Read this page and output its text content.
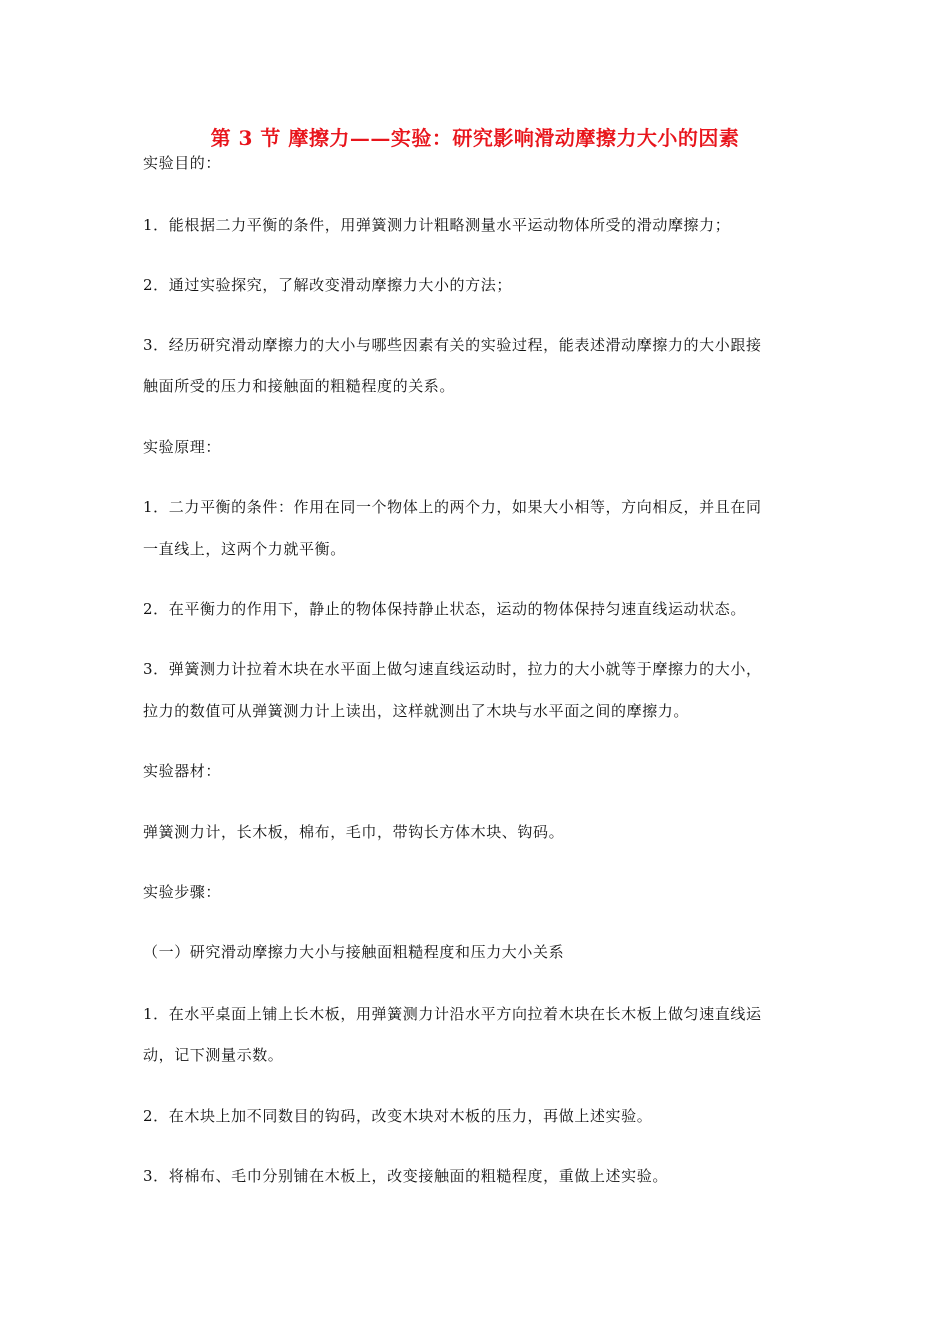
第 3 节 摩擦力——实验：研究影响滑动摩擦力大小的因素
实验目的：
1．能根据二力平衡的条件，用弹簧测力计粗略测量水平运动物体所受的滑动摩擦力；
2．通过实验探究，了解改变滑动摩擦力大小的方法；
3．经历研究滑动摩擦力的大小与哪些因素有关的实验过程，能表述滑动摩擦力的大小跟接
触面所受的压力和接触面的粗糙程度的关系。
实验原理：
1．二力平衡的条件：作用在同一个物体上的两个力，如果大小相等，方向相反，并且在同
一直线上，这两个力就平衡。
2．在平衡力的作用下，静止的物体保持静止状态，运动的物体保持匀速直线运动状态。
3．弹簧测力计拉着木块在水平面上做匀速直线运动时，拉力的大小就等于摩擦力的大小，
拉力的数值可从弹簧测力计上读出，这样就测出了木块与水平面之间的摩擦力。
实验器材：
弹簧测力计，长木板，棉布，毛巾，带钩长方体木块、钩码。
实验步骤：
（一）研究滑动摩擦力大小与接触面粗糙程度和压力大小关系
1．在水平桌面上铺上长木板，用弹簧测力计沿水平方向拉着木块在长木板上做匀速直线运
动，记下测量示数。
2．在木块上加不同数目的钩码，改变木块对木板的压力，再做上述实验。
3．将棉布、毛巾分别铺在木板上，改变接触面的粗糙程度，重做上述实验。
